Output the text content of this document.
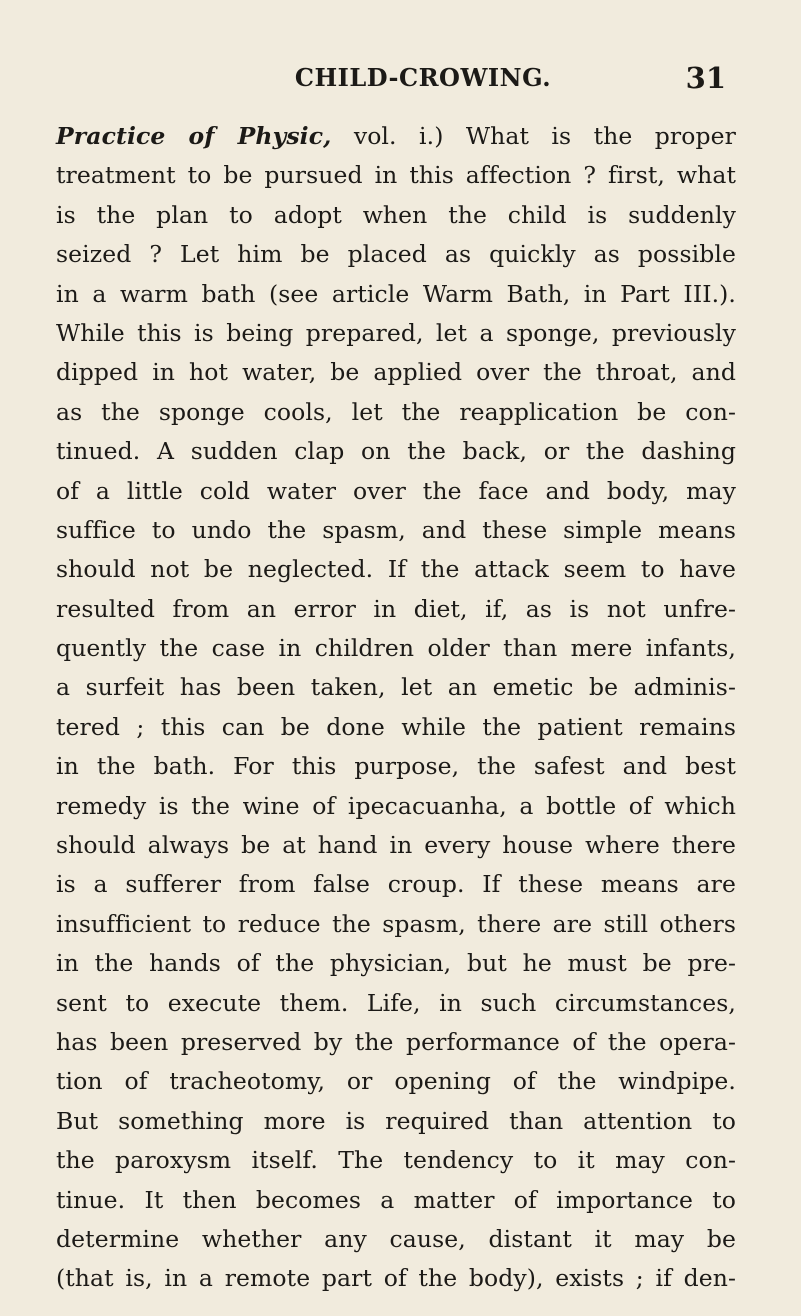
CHILD-CROWING.	31
Practice of Physic, vol. i.) What is the proper
treatment to be pursued in this affection ? first, what
is the plan to adopt when the child is suddenly
seized ? Let him be placed as quickly as possible
in a warm bath (see article Warm Bath, in Part III.).
While this is being prepared, let a sponge, previously
dipped in hot water, be applied over the throat, and
as the sponge cools, let the reapplication be con-
tinued. A sudden clap on the back, or the dashing
of a little cold water over the face and body, may
suffice to undo the spasm, and these simple means
should not be neglected. If the attack seem to have
resulted from an error in diet, if, as is not unfre-
quently the case in children older than mere infants,
a surfeit has been taken, let an emetic be adminis-
tered ; this can be done while the patient remains
in the bath. For this purpose, the safest and best
remedy is the wine of ipecacuanha, a bottle of which
should always be at hand in every house where there
is a sufferer from false croup. If these means are
insufficient to reduce the spasm, there are still others
in the hands of the physician, but he must be pre-
sent to execute them. Life, in such circumstances,
has been preserved by the performance of the opera-
tion of tracheotomy, or opening of the windpipe.
But something more is required than attention to
the paroxysm itself. The tendency to it may con-
tinue. It then becomes a matter of importance to
determine whether any cause, distant it may be
(that is, in a remote part of the body), exists ; if den-
